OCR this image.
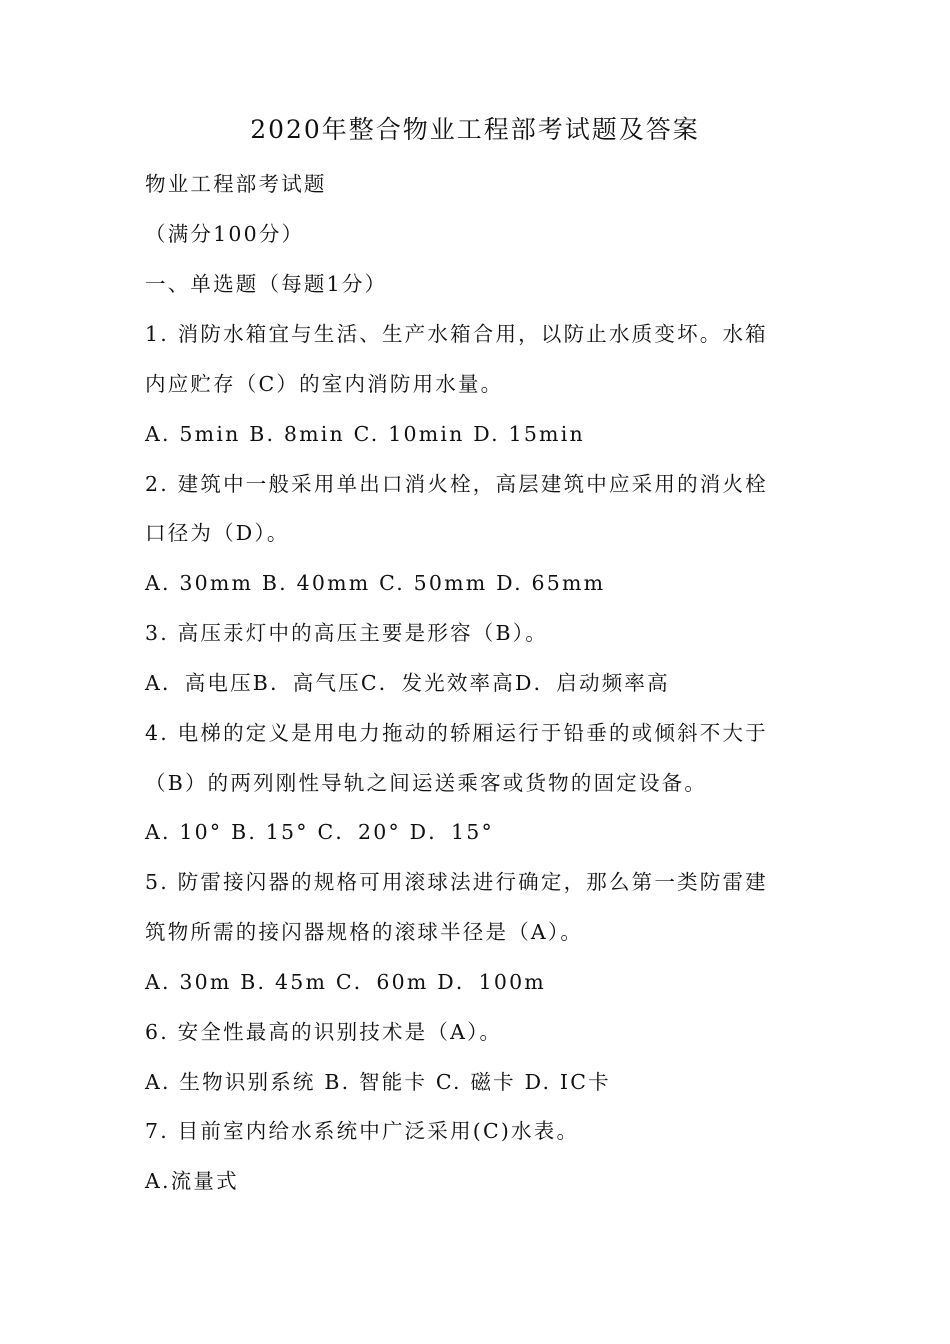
2020年整合物业工程部考试题及答案
物业工程部考试题
（满分100分）
一、单选题（每题1分）
1. 消防水箱宜与生活、生产水箱合用，以防止水质变坏。水箱
内应贮存（C）的室内消防用水量。
A. 5min B. 8min C. 10min D. 15min
2. 建筑中一般采用单出口消火栓，高层建筑中应采用的消火栓
口径为（D）。
A. 30mm B. 40mm C. 50mm D. 65mm
3. 高压汞灯中的高压主要是形容（B）。
A．高电压B．高气压C．发光效率高D．启动频率高
4. 电梯的定义是用电力拖动的轿厢运行于铅垂的或倾斜不大于
（B）的两列刚性导轨之间运送乘客或货物的固定设备。
A. 10° B. 15° C．20° D．15°
5. 防雷接闪器的规格可用滚球法进行确定，那么第一类防雷建
筑物所需的接闪器规格的滚球半径是（A）。
A. 30m B. 45m C．60m D．100m
6. 安全性最高的识别技术是（A）。
A. 生物识别系统 B. 智能卡 C. 磁卡 D. IC卡
7. 目前室内给水系统中广泛采用(C)水表。
A.流量式
